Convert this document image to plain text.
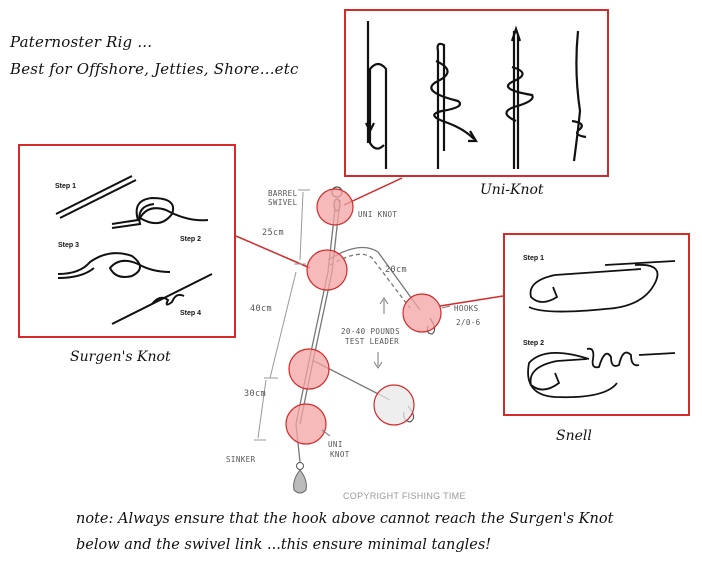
Paternoster Rig ...
Best for Offshore, Jetties, Shore...etc
BARREL
SWIVEL
UNI KNOT
25cm
20cm
40cm
30cm
HOOKS
2/0-6
20-40 POUNDS
TEST LEADER
SINKER
UNI
KNOT
Uni-Knot
Step 1
Step 2
Step 3
Step 4
Surgen's Knot
Step 1
Step 2
Snell
COPYRIGHT FISHING TIME
note: Always ensure that the hook above cannot reach the Surgen's Knot
below and the swivel link ...this ensure minimal tangles!
